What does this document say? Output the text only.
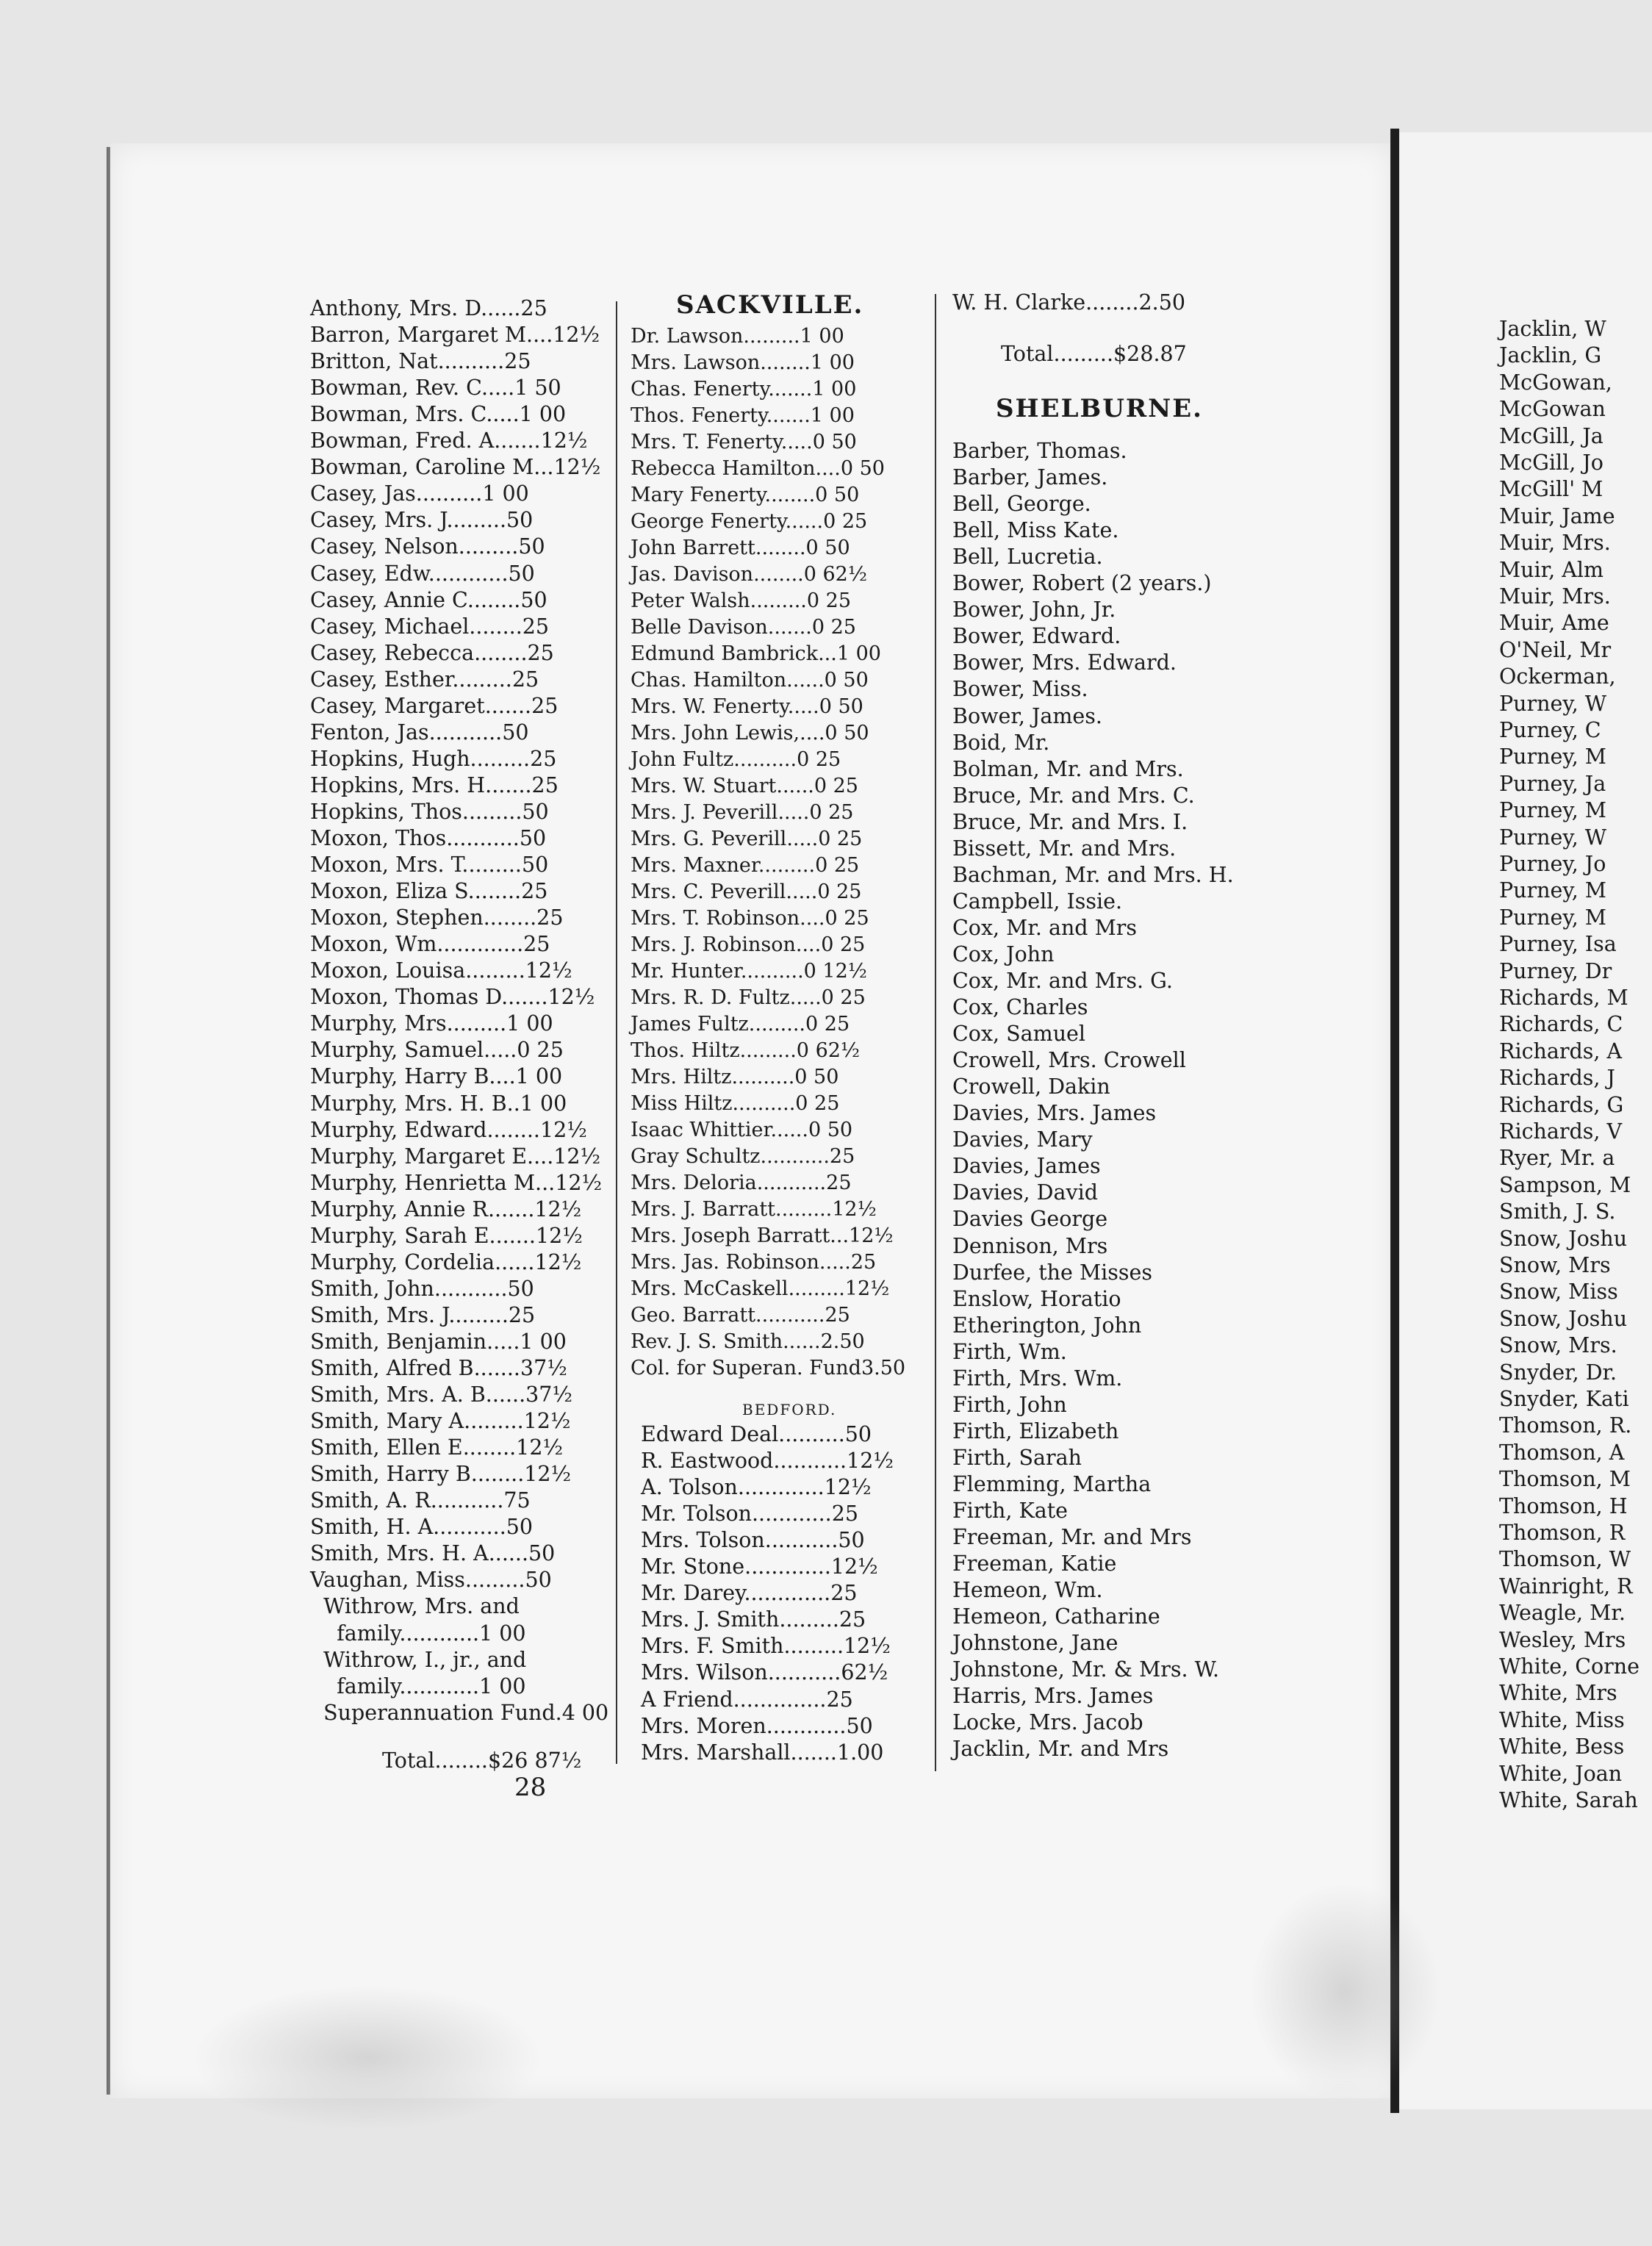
Anthony, Mrs. D......25
Barron, Margaret M....12½
Britton, Nat..........25
Bowman, Rev. C.....1 50
Bowman, Mrs. C.....1 00
Bowman, Fred. A.......12½
Bowman, Caroline M...12½
Casey, Jas..........1 00
Casey, Mrs. J.........50
Casey, Nelson.........50
Casey, Edw............50
Casey, Annie C........50
Casey, Michael........25
Casey, Rebecca........25
Casey, Esther.........25
Casey, Margaret.......25
Fenton, Jas...........50
Hopkins, Hugh.........25
Hopkins, Mrs. H.......25
Hopkins, Thos.........50
Moxon, Thos...........50
Moxon, Mrs. T.........50
Moxon, Eliza S........25
Moxon, Stephen........25
Moxon, Wm.............25
Moxon, Louisa.........12½
Moxon, Thomas D.......12½
Murphy, Mrs.........1 00
Murphy, Samuel.....0 25
Murphy, Harry B....1 00
Murphy, Mrs. H. B..1 00
Murphy, Edward........12½
Murphy, Margaret E....12½
Murphy, Henrietta M...12½
Murphy, Annie R.......12½
Murphy, Sarah E.......12½
Murphy, Cordelia......12½
Smith, John...........50
Smith, Mrs. J.........25
Smith, Benjamin.....1 00
Smith, Alfred B.......37½
Smith, Mrs. A. B......37½
Smith, Mary A.........12½
Smith, Ellen E........12½
Smith, Harry B........12½
Smith, A. R...........75
Smith, H. A...........50
Smith, Mrs. H. A......50
Vaughan, Miss.........50
Withrow, Mrs. and
family............1 00
Withrow, I., jr., and
family............1 00
Superannuation Fund.4 00
Total........$26 87½
28
SACKVILLE.
Dr. Lawson.........1 00
Mrs. Lawson........1 00
Chas. Fenerty.......1 00
Thos. Fenerty.......1 00
Mrs. T. Fenerty.....0 50
Rebecca Hamilton....0 50
Mary Fenerty........0 50
George Fenerty......0 25
John Barrett........0 50
Jas. Davison........0 62½
Peter Walsh.........0 25
Belle Davison.......0 25
Edmund Bambrick...1 00
Chas. Hamilton......0 50
Mrs. W. Fenerty.....0 50
Mrs. John Lewis,....0 50
John Fultz..........0 25
Mrs. W. Stuart......0 25
Mrs. J. Peverill.....0 25
Mrs. G. Peverill.....0 25
Mrs. Maxner.........0 25
Mrs. C. Peverill.....0 25
Mrs. T. Robinson....0 25
Mrs. J. Robinson....0 25
Mr. Hunter..........0 12½
Mrs. R. D. Fultz.....0 25
James Fultz.........0 25
Thos. Hiltz.........0 62½
Mrs. Hiltz..........0 50
Miss Hiltz..........0 25
Isaac Whittier......0 50
Gray Schultz...........25
Mrs. Deloria...........25
Mrs. J. Barratt.........12½
Mrs. Joseph Barratt...12½
Mrs. Jas. Robinson.....25
Mrs. McCaskell.........12½
Geo. Barratt...........25
Rev. J. S. Smith......2.50
Col. for Superan. Fund3.50
BEDFORD.
Edward Deal..........50
R. Eastwood...........12½
A. Tolson.............12½
Mr. Tolson............25
Mrs. Tolson...........50
Mr. Stone.............12½
Mr. Darey.............25
Mrs. J. Smith.........25
Mrs. F. Smith.........12½
Mrs. Wilson...........62½
A Friend..............25
Mrs. Moren............50
Mrs. Marshall.......1.00
W. H. Clarke........2.50
Total.........$28.87
SHELBURNE.
Barber, Thomas.
Barber, James.
Bell, George.
Bell, Miss Kate.
Bell, Lucretia.
Bower, Robert (2 years.)
Bower, John, Jr.
Bower, Edward.
Bower, Mrs. Edward.
Bower, Miss.
Bower, James.
Boid, Mr.
Bolman, Mr. and Mrs.
Bruce, Mr. and Mrs. C.
Bruce, Mr. and Mrs. I.
Bissett, Mr. and Mrs.
Bachman, Mr. and Mrs. H.
Campbell, Issie.
Cox, Mr. and Mrs
Cox, John
Cox, Mr. and Mrs. G.
Cox, Charles
Cox, Samuel
Crowell, Mrs. Crowell
Crowell, Dakin
Davies, Mrs. James
Davies, Mary
Davies, James
Davies, David
Davies George
Dennison, Mrs
Durfee, the Misses
Enslow, Horatio
Etherington, John
Firth, Wm.
Firth, Mrs. Wm.
Firth, John
Firth, Elizabeth
Firth, Sarah
Flemming, Martha
Firth, Kate
Freeman, Mr. and Mrs
Freeman, Katie
Hemeon, Wm.
Hemeon, Catharine
Johnstone, Jane
Johnstone, Mr. & Mrs. W.
Harris, Mrs. James
Locke, Mrs. Jacob
Jacklin, Mr. and Mrs
Jacklin, W
Jacklin, G
McGowan,
McGowan
McGill, Ja
McGill, Jo
McGill' M
Muir, Jame
Muir, Mrs.
Muir, Alm
Muir, Mrs.
Muir, Ame
O'Neil, Mr
Ockerman,
Purney, W
Purney, C
Purney, M
Purney, Ja
Purney, M
Purney, W
Purney, Jo
Purney, M
Purney, M
Purney, Isa
Purney, Dr
Richards, M
Richards, C
Richards, A
Richards, J
Richards, G
Richards, V
Ryer, Mr. a
Sampson, M
Smith, J. S.
Snow, Joshu
Snow, Mrs
Snow, Miss
Snow, Joshu
Snow, Mrs.
Snyder, Dr.
Snyder, Kati
Thomson, R.
Thomson, A
Thomson, M
Thomson, H
Thomson, R
Thomson, W
Wainright, R
Weagle, Mr.
Wesley, Mrs
White, Corne
White, Mrs
White, Miss
White, Bess
White, Joan
White, Sarah
